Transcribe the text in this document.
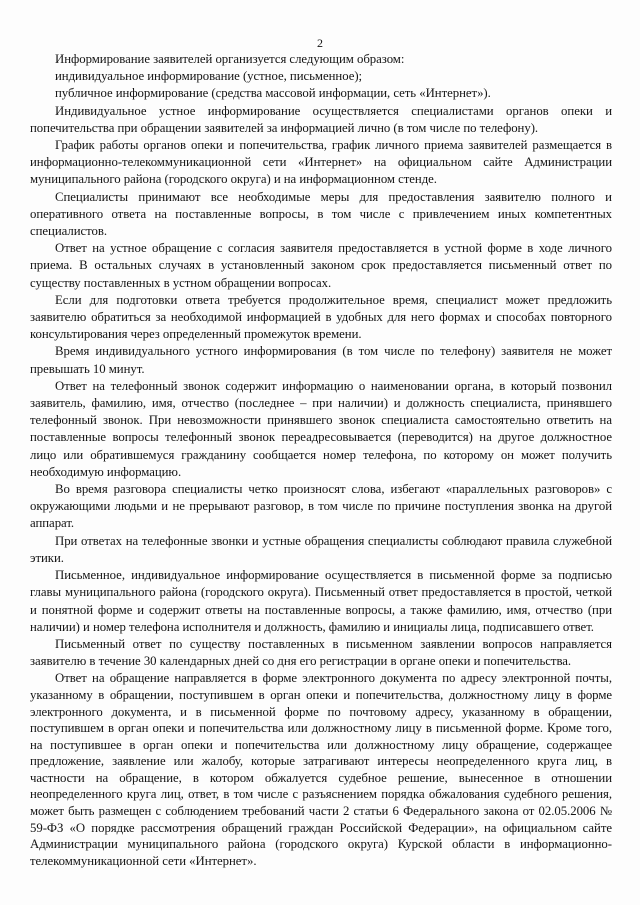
2

Информирование заявителей организуется следующим образом:

индивидуальное информирование (устное, письменное);

публичное информирование (средства массовой информации, сеть «Интернет»).

Индивидуальное устное информирование осуществляется специалистами органов опеки и попечительства при обращении заявителей за информацией лично (в том числе по телефону).

График работы органов опеки и попечительства, график личного приема заявителей размещается в информационно-телекоммуникационной сети «Интернет» на официальном сайте Администрации муниципального района (городского округа) и на информационном стенде.

Специалисты принимают все необходимые меры для предоставления заявителю полного и оперативного ответа на поставленные вопросы, в том числе с привлечением иных компетентных специалистов.

Ответ на устное обращение с согласия заявителя предоставляется в устной форме в ходе личного приема. В остальных случаях в установленный законом срок предоставляется письменный ответ по существу поставленных в устном обращении вопросах.

Если для подготовки ответа требуется продолжительное время, специалист может предложить заявителю обратиться за необходимой информацией в удобных для него формах и способах повторного консультирования через определенный промежуток времени.

Время индивидуального устного информирования (в том числе по телефону) заявителя не может превышать 10 минут.

Ответ на телефонный звонок содержит информацию о наименовании органа, в который позвонил заявитель, фамилию, имя, отчество (последнее – при наличии) и должность специалиста, принявшего телефонный звонок. При невозможности принявшего звонок специалиста самостоятельно ответить на поставленные вопросы телефонный звонок переадресовывается (переводится) на другое должностное лицо или обратившемуся гражданину сообщается номер телефона, по которому он может получить необходимую информацию.

Во время разговора специалисты четко произносят слова, избегают «параллельных разговоров» с окружающими людьми и не прерывают разговор, в том числе по причине поступления звонка на другой аппарат.

При ответах на телефонные звонки и устные обращения специалисты соблюдают правила служебной этики.

Письменное, индивидуальное информирование осуществляется в письменной форме за подписью главы муниципального района (городского округа). Письменный ответ предоставляется в простой, четкой и понятной форме и содержит ответы на поставленные вопросы, а также фамилию, имя, отчество (при наличии) и номер телефона исполнителя и должность, фамилию и инициалы лица, подписавшего ответ.

Письменный ответ по существу поставленных в письменном заявлении вопросов направляется заявителю в течение 30 календарных дней со дня его регистрации в органе опеки и попечительства.

Ответ на обращение направляется в форме электронного документа по адресу электронной почты, указанному в обращении, поступившем в орган опеки и попечительства, должностному лицу в форме электронного документа, и в письменной форме по почтовому адресу, указанному в обращении, поступившем в орган опеки и попечительства или должностному лицу в письменной форме. Кроме того, на поступившее в орган опеки и попечительства или должностному лицу обращение, содержащее предложение, заявление или жалобу, которые затрагивают интересы неопределенного круга лиц, в частности на обращение, в котором обжалуется судебное решение, вынесенное в отношении неопределенного круга лиц, ответ, в том числе с разъяснением порядка обжалования судебного решения, может быть размещен с соблюдением требований части 2 статьи 6 Федерального закона от 02.05.2006 № 59-ФЗ «О порядке рассмотрения обращений граждан Российской Федерации», на официальном сайте Администрации муниципального района (городского округа) Курской области в информационно-телекоммуникационной сети «Интернет».
